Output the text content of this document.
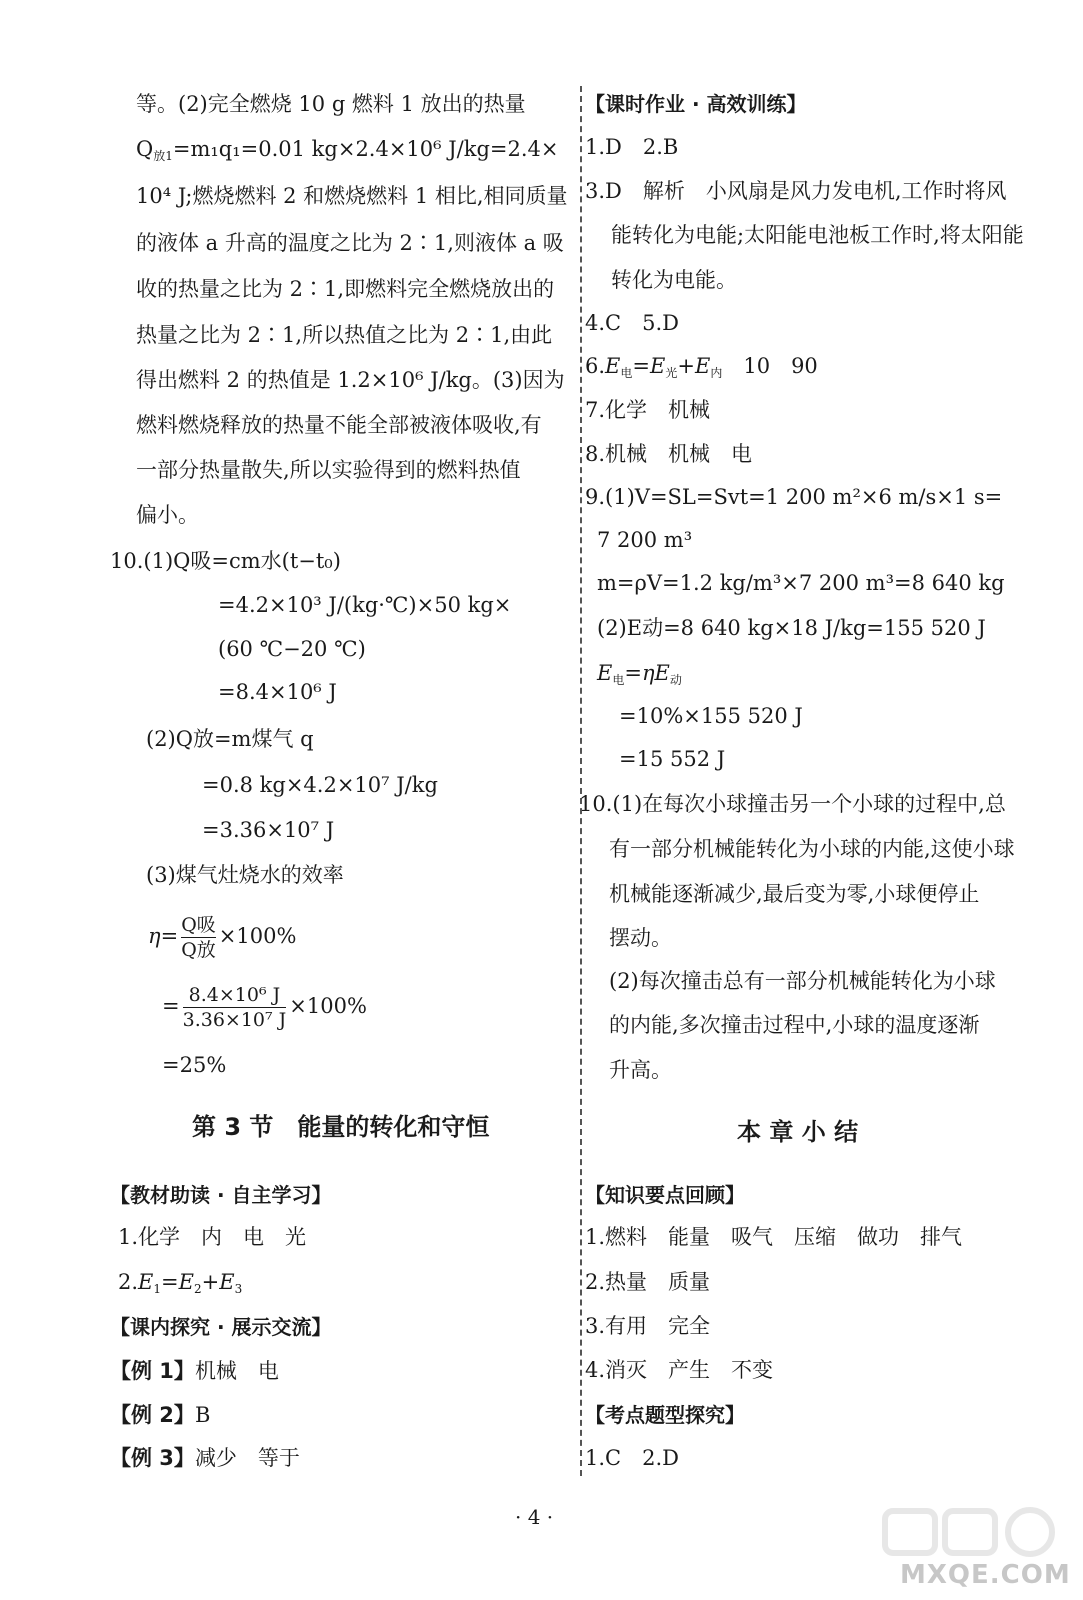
等。(2)完全燃烧 10 g 燃料 1 放出的热量
$Q_{放1}=m_1q_1=0.01$ kg×2.4×10⁶ J/kg=2.4×
10⁴ J;燃烧燃料 2 和燃烧燃料 1 相比,相同质量
的液体 a 升高的温度之比为 2∶1,则液体 a 吸
收的热量之比为 2∶1,即燃料完全燃烧放出的
热量之比为 2∶1,所以热值之比为 2∶1,由此
得出燃料 2 的热值是 1.2×10⁶ J/kg。(3)因为
燃料燃烧释放的热量不能全部被液体吸收,有
一部分热量散失,所以实验得到的燃料热值
偏小。
10.(1)Q吸=cm水(t−t₀)
=4.2×10³ J/(kg·℃)×50 kg×
(60 ℃−20 ℃)
=8.4×10⁶ J
(2)Q放=m煤气 q
=0.8 kg×4.2×10⁷ J/kg
=3.36×10⁷ J
(3)煤气灶烧水的效率
$\eta= \frac{\text{Q吸}}{\text{Q放}} \times 100\%$
= $\frac{\text{8.4×10⁶ J}}{\text{3.36×10⁷ J}} \times 100\%$
=25%
第 3 节　能量的转化和守恒
【教材助读 · 自主学习】
1.化学　内　电　光
$2.E_1=E_2+E_3$
【课内探究 · 展示交流】
【例 1】机械　电
【例 2】B
【例 3】减少　等于
【课时作业 · 高效训练】
1.D　2.B
3.D　解析　小风扇是风力发电机,工作时将风
能转化为电能;太阳能电池板工作时,将太阳能
转化为电能。
4.C　5.D
$6.E_电=E_光+E_内$　10　90
7.化学　机械
8.机械　机械　电
9.(1)V=SL=Svt=1 200 m²×6 m/s×1 s=
7 200 m³
m=ρV=1.2 kg/m³×7 200 m³=8 640 kg
(2)E动=8 640 kg×18 J/kg=155 520 J
$E_电=\eta E_动$
=10%×155 520 J
=15 552 J
10.(1)在每次小球撞击另一个小球的过程中,总
有一部分机械能转化为小球的内能,这使小球
机械能逐渐减少,最后变为零,小球便停止
摆动。
(2)每次撞击总有一部分机械能转化为小球
的内能,多次撞击过程中,小球的温度逐渐
升高。
本 章 小 结
【知识要点回顾】
1.燃料　能量　吸气　压缩　做功　排气
2.热量　质量
3.有用　完全
4.消灭　产生　不变
【考点题型探究】
1.C　2.D
· 4 ·
MXQE.COM
